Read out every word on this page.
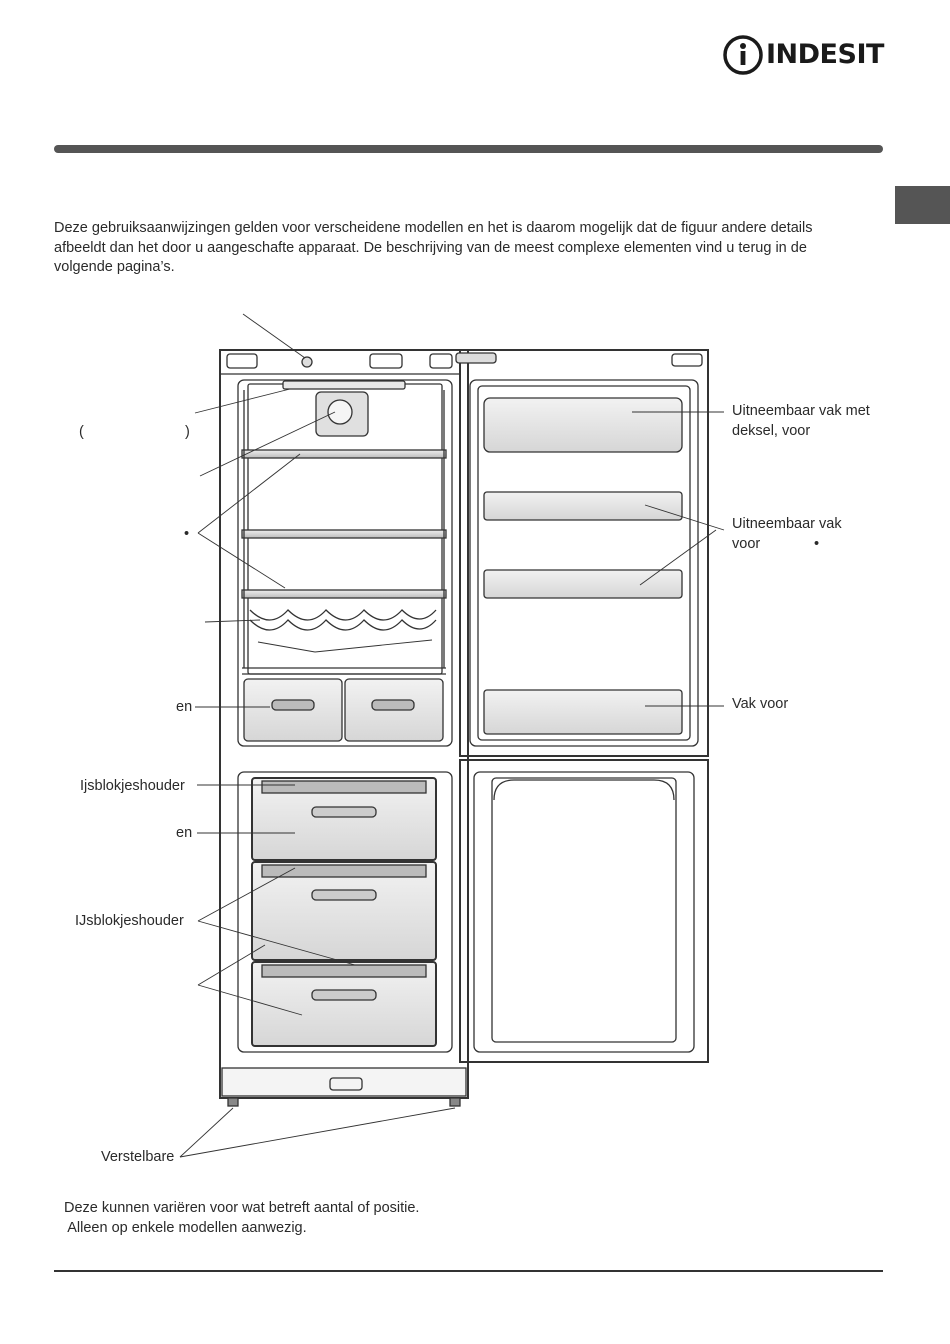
INDESIT

Deze gebruiksaanwijzingen gelden voor verscheidene modellen en het is daarom mogelijk dat de figuur andere details afbeeldt dan het door u aangeschafte apparaat. De beschrijving van de meest complexe elementen vind u terug in de volgende pagina’s.

(	)
•
en
Ijsblokjeshouder
en
IJsblokjeshouder
Verstelbare
Uitneembaar vak met deksel, voor
Uitneembaar vak voor	•
Vak voor
Deze kunnen variëren voor wat betreft aantal of positie.
Alleen op enkele modellen aanwezig.
